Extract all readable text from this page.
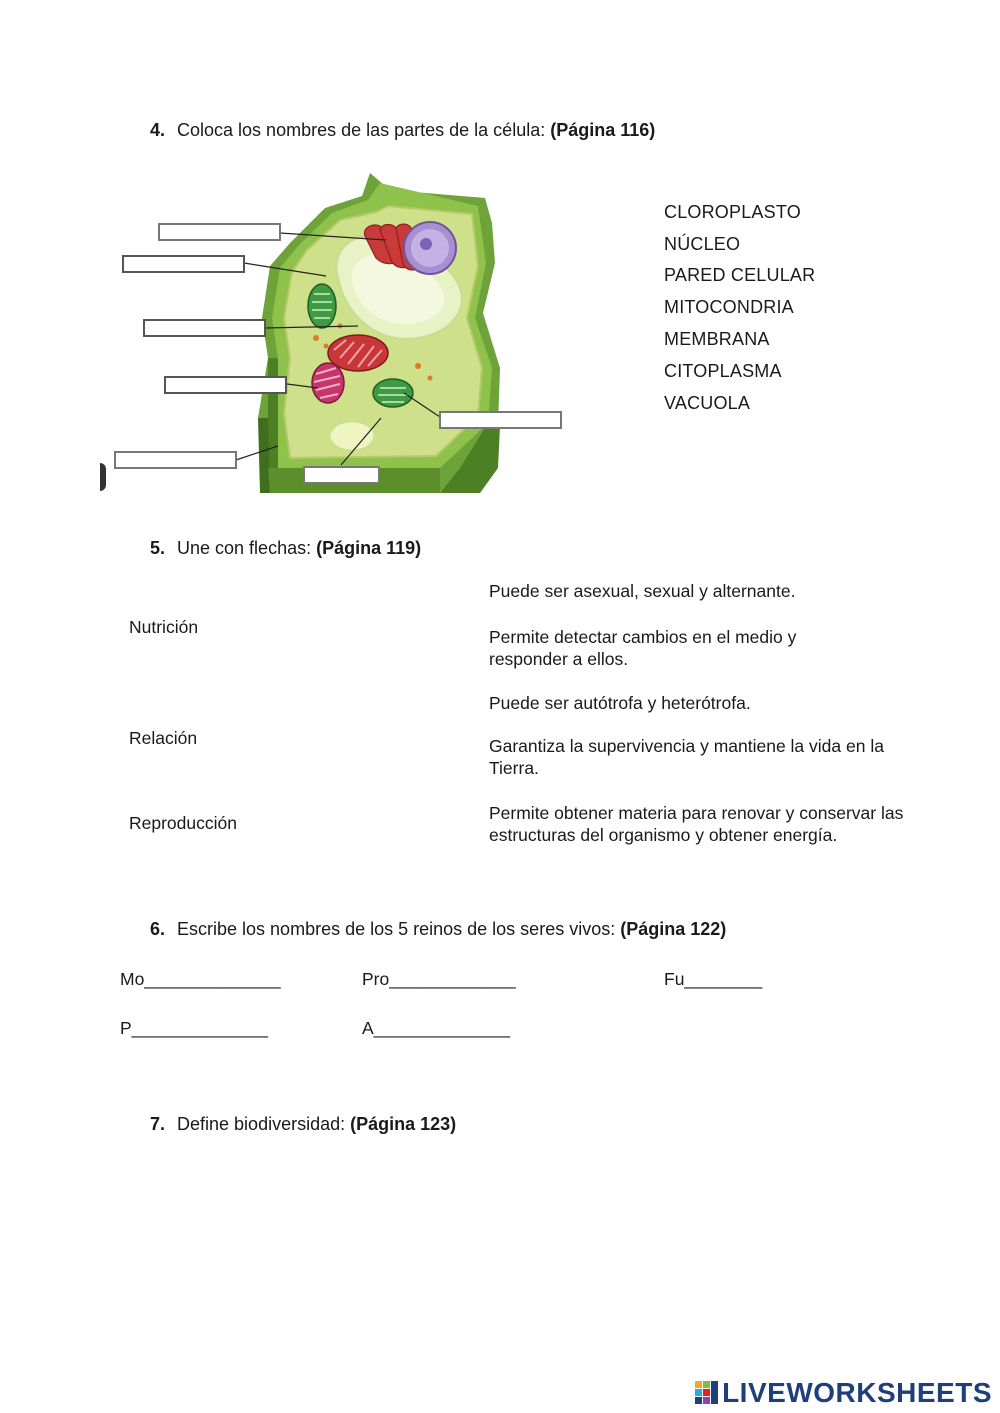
4. Coloca los nombres de las partes de la célula: (Página 116)
CLOROPLASTO
NÚCLEO
PARED CELULAR
MITOCONDRIA
MEMBRANA
CITOPLASMA
VACUOLA
5. Une con flechas: (Página 119)
Nutrición
Relación
Reproducción
Puede ser asexual, sexual y alternante.
Permite detectar cambios en el medio y responder a ellos.
Puede ser autótrofa y heterótrofa.
Garantiza la supervivencia y mantiene la vida en la Tierra.
Permite obtener materia para renovar y conservar las estructuras del organismo y obtener energía.
6. Escribe los nombres de los 5 reinos de los seres vivos: (Página 122)
Mo______________	Pro_____________	Fu________
P______________	A______________
7. Define biodiversidad: (Página 123)
LIVEWORKSHEETS
